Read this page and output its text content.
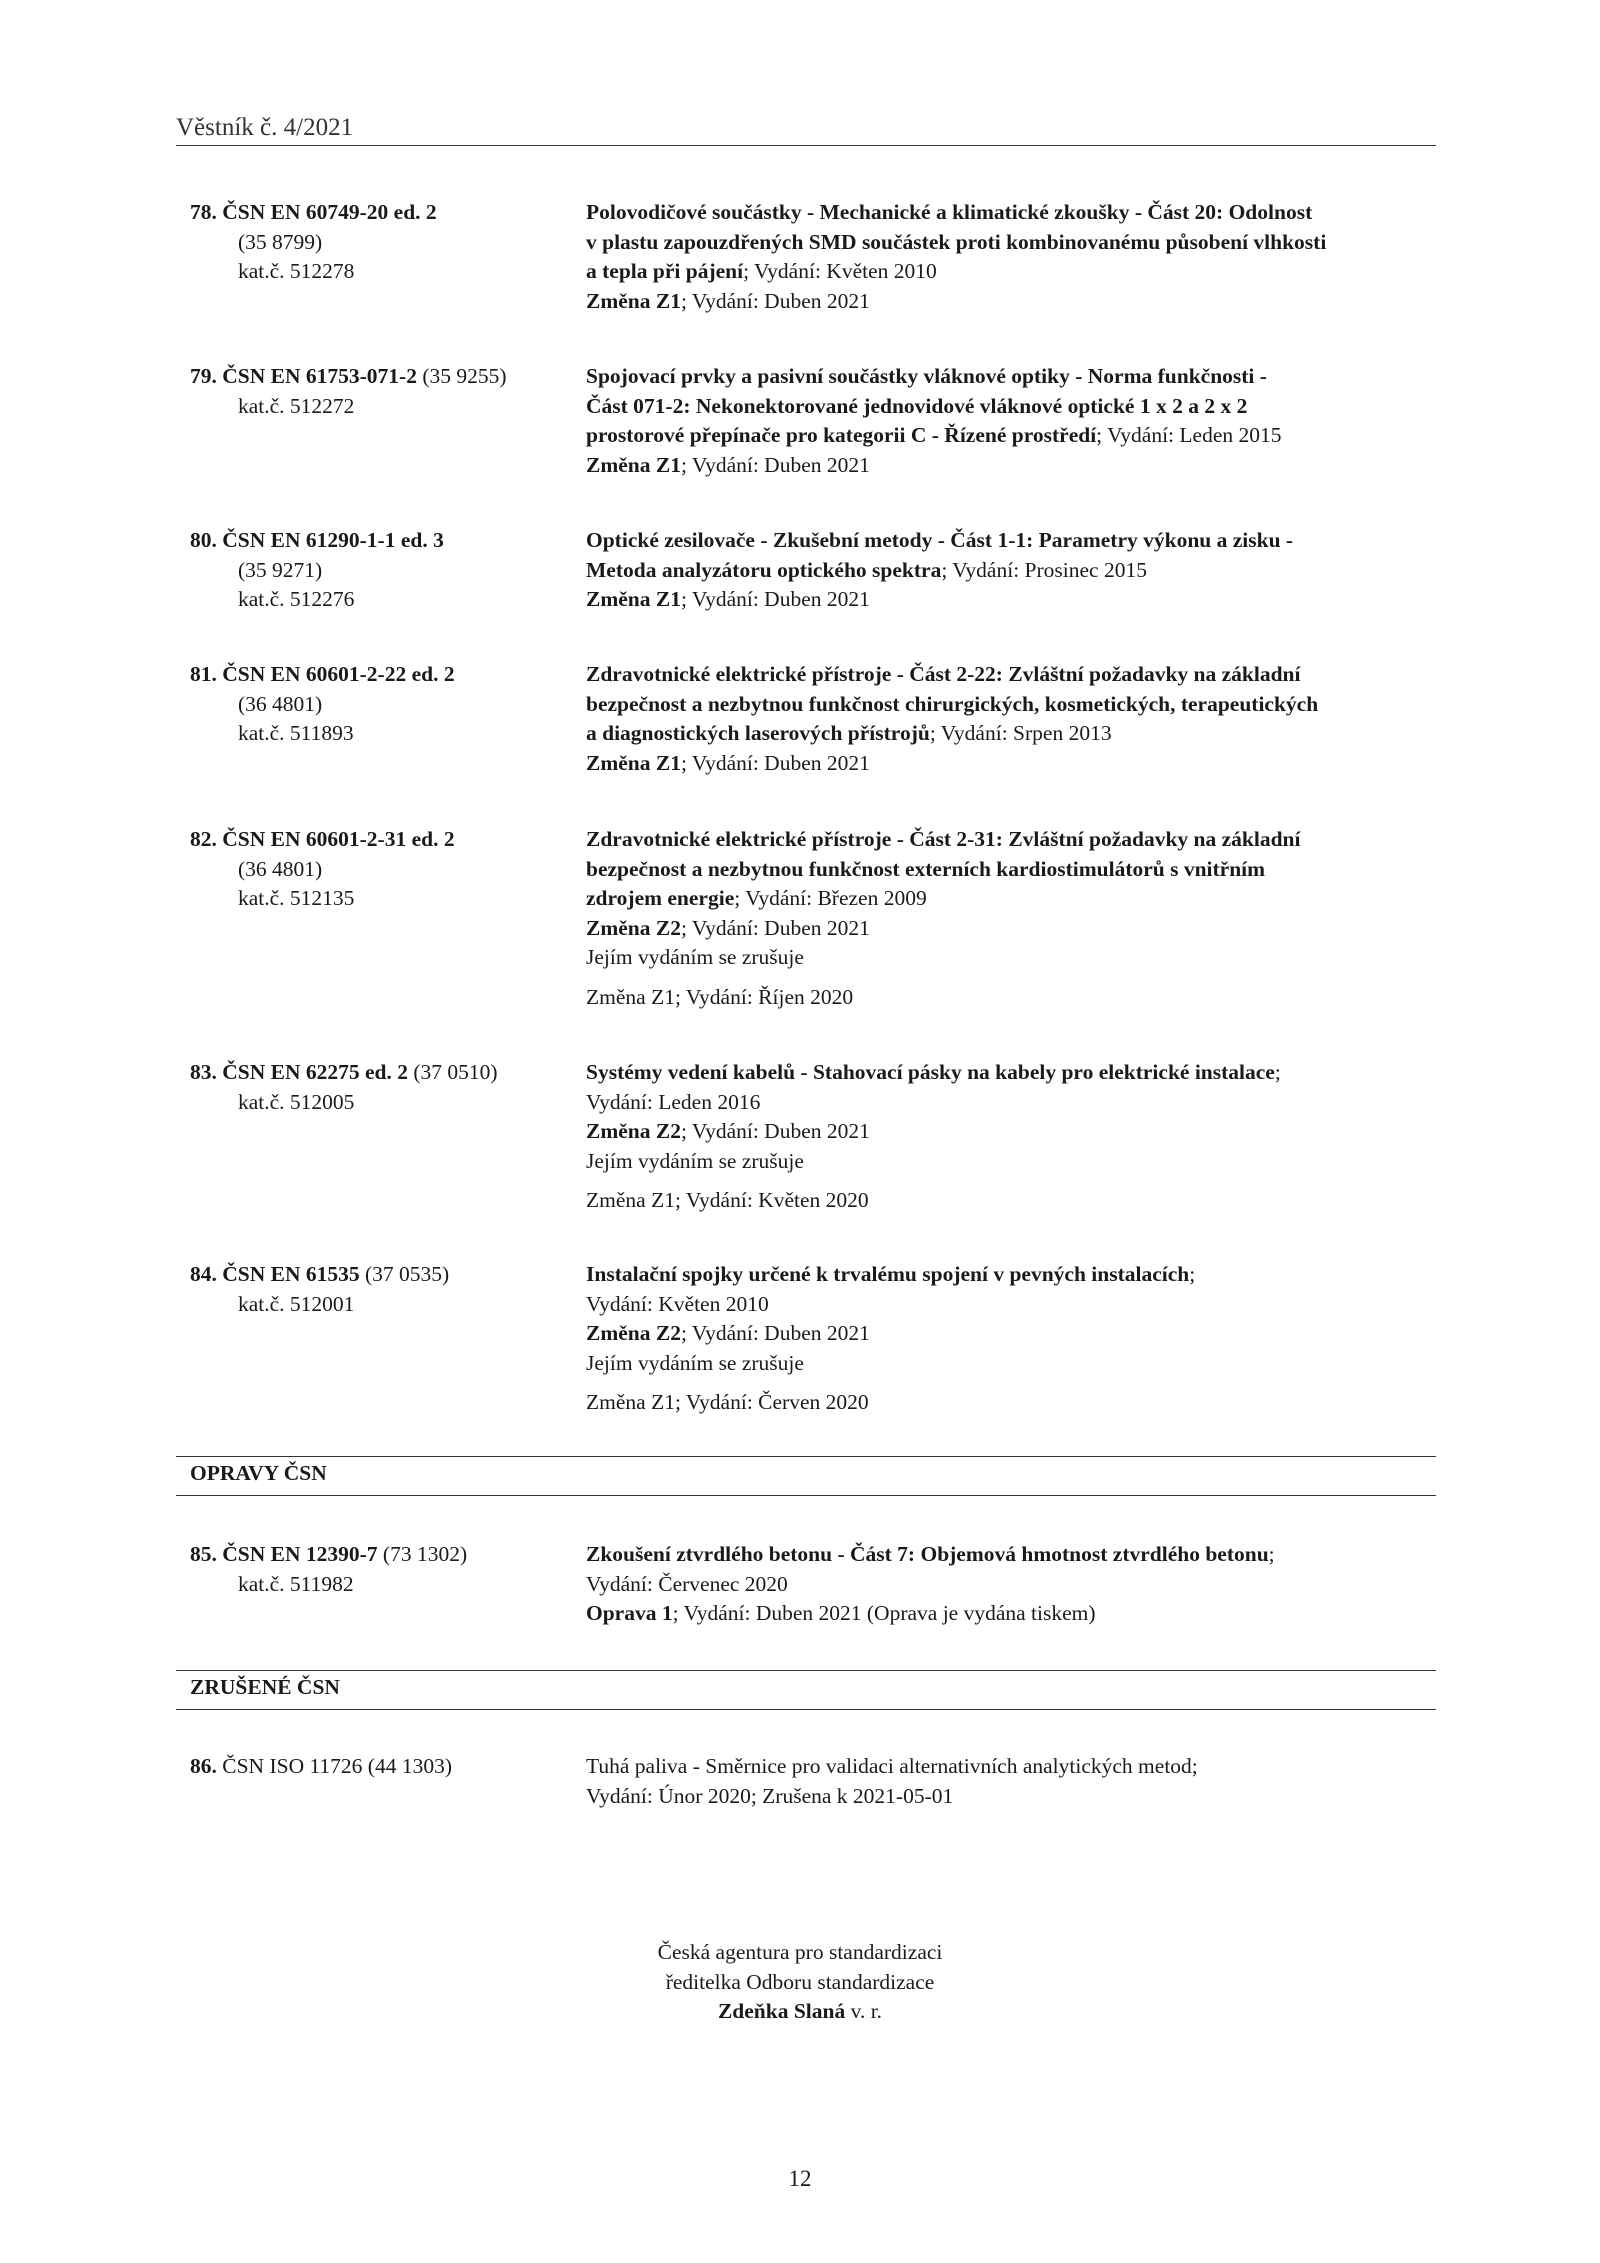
Věstník č. 4/2021
78. ČSN EN 60749-20 ed. 2
(35 8799)
kat.č. 512278
Polovodičové součástky - Mechanické a klimatické zkoušky - Část 20: Odolnost
v plastu zapouzdřených SMD součástek proti kombinovanému působení vlhkosti
a tepla při pájení; Vydání: Květen 2010
Změna Z1; Vydání: Duben 2021
79. ČSN EN 61753-071-2 (35 9255)
kat.č. 512272
Spojovací prvky a pasivní součástky vláknové optiky - Norma funkčnosti -
Část 071-2: Nekonektorované jednovidové vláknové optické 1 x 2 a 2 x 2
prostorové přepínače pro kategorii C - Řízené prostředí; Vydání: Leden 2015
Změna Z1; Vydání: Duben 2021
80. ČSN EN 61290-1-1 ed. 3
(35 9271)
kat.č. 512276
Optické zesilovače - Zkušební metody - Část 1-1: Parametry výkonu a zisku -
Metoda analyzátoru optického spektra; Vydání: Prosinec 2015
Změna Z1; Vydání: Duben 2021
81. ČSN EN 60601-2-22 ed. 2
(36 4801)
kat.č. 511893
Zdravotnické elektrické přístroje - Část 2-22: Zvláštní požadavky na základní
bezpečnost a nezbytnou funkčnost chirurgických, kosmetických, terapeutických
a diagnostických laserových přístrojů; Vydání: Srpen 2013
Změna Z1; Vydání: Duben 2021
82. ČSN EN 60601-2-31 ed. 2
(36 4801)
kat.č. 512135
Zdravotnické elektrické přístroje - Část 2-31: Zvláštní požadavky na základní
bezpečnost a nezbytnou funkčnost externích kardiostimulátorů s vnitřním
zdrojem energie; Vydání: Březen 2009
Změna Z2; Vydání: Duben 2021
Jejím vydáním se zrušuje
Změna Z1; Vydání: Říjen 2020
83. ČSN EN 62275 ed. 2 (37 0510)
kat.č. 512005
Systémy vedení kabelů - Stahovací pásky na kabely pro elektrické instalace;
Vydání: Leden 2016
Změna Z2; Vydání: Duben 2021
Jejím vydáním se zrušuje
Změna Z1; Vydání: Květen 2020
84. ČSN EN 61535 (37 0535)
kat.č. 512001
Instalační spojky určené k trvalému spojení v pevných instalacích;
Vydání: Květen 2010
Změna Z2; Vydání: Duben 2021
Jejím vydáním se zrušuje
Změna Z1; Vydání: Červen 2020
OPRAVY ČSN
85. ČSN EN 12390-7 (73 1302)
kat.č. 511982
Zkoušení ztvrdlého betonu - Část 7: Objemová hmotnost ztvrdlého betonu;
Vydání: Červenec 2020
Oprava 1; Vydání: Duben 2021 (Oprava je vydána tiskem)
ZRUŠENÉ ČSN
86. ČSN ISO 11726 (44 1303)	Tuhá paliva - Směrnice pro validaci alternativních analytických metod;
Vydání: Únor 2020; Zrušena k 2021-05-01
Česká agentura pro standardizaci
ředitelka Odboru standardizace
Zdeňka Slaná v. r.
12
